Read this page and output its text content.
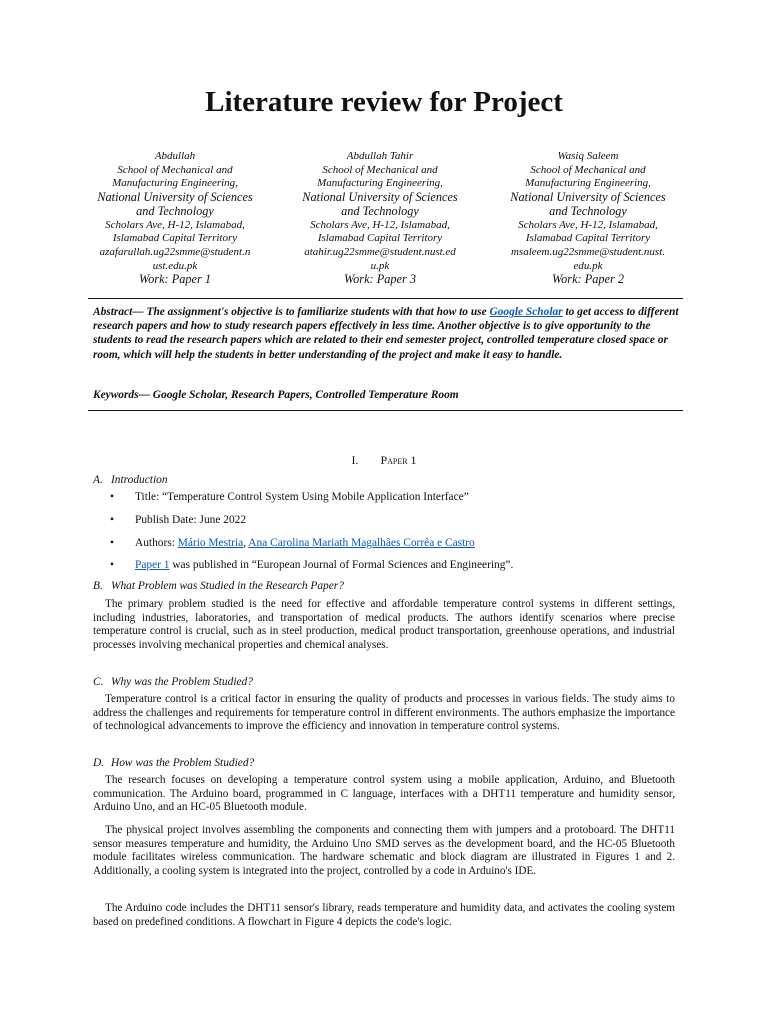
Literature review for Project
Abdullah
School of Mechanical and
Manufacturing Engineering,
National University of Sciences
and Technology
Scholars Ave, H-12, Islamabad,
Islamabad Capital Territory
azafarullah.ug22smme@student.n
ust.edu.pk
Work: Paper 1
Abdullah Tahir
School of Mechanical and
Manufacturing Engineering,
National University of Sciences
and Technology
Scholars Ave, H-12, Islamabad,
Islamabad Capital Territory
atahir.ug22smme@student.nust.ed
u.pk
Work: Paper 3
Wasiq Saleem
School of Mechanical and
Manufacturing Engineering,
National University of Sciences
and Technology
Scholars Ave, H-12, Islamabad,
Islamabad Capital Territory
msaleem.ug22smme@student.nust.
edu.pk
Work: Paper 2
Abstract— The assignment's objective is to familiarize students with that how to use Google Scholar to get access to different research papers and how to study research papers effectively in less time. Another objective is to give opportunity to the students to read the research papers which are related to their end semester project, controlled temperature closed space or room, which will help the students in better understanding of the project and make it easy to handle.
Keywords— Google Scholar, Research Papers, Controlled Temperature Room
I. Paper 1
A. Introduction
• Title: “Temperature Control System Using Mobile Application Interface”
• Publish Date: June 2022
• Authors: Mário Mestria, Ana Carolina Mariath Magalhães Corrêa e Castro
• Paper 1 was published in “European Journal of Formal Sciences and Engineering”.
B. What Problem was Studied in the Research Paper?
The primary problem studied is the need for effective and affordable temperature control systems in different settings, including industries, laboratories, and transportation of medical products. The authors identify scenarios where precise temperature control is crucial, such as in steel production, medical product transportation, greenhouse operations, and industrial processes involving mechanical properties and chemical analyses.
C. Why was the Problem Studied?
Temperature control is a critical factor in ensuring the quality of products and processes in various fields. The study aims to address the challenges and requirements for temperature control in different environments. The authors emphasize the importance of technological advancements to improve the efficiency and innovation in temperature control systems.
D. How was the Problem Studied?
The research focuses on developing a temperature control system using a mobile application, Arduino, and Bluetooth communication. The Arduino board, programmed in C language, interfaces with a DHT11 temperature and humidity sensor, Arduino Uno, and an HC-05 Bluetooth module.
The physical project involves assembling the components and connecting them with jumpers and a protoboard. The DHT11 sensor measures temperature and humidity, the Arduino Uno SMD serves as the development board, and the HC-05 Bluetooth module facilitates wireless communication. The hardware schematic and block diagram are illustrated in Figures 1 and 2. Additionally, a cooling system is integrated into the project, controlled by a code in Arduino's IDE.
The Arduino code includes the DHT11 sensor's library, reads temperature and humidity data, and activates the cooling system based on predefined conditions. A flowchart in Figure 4 depicts the code's logic.
